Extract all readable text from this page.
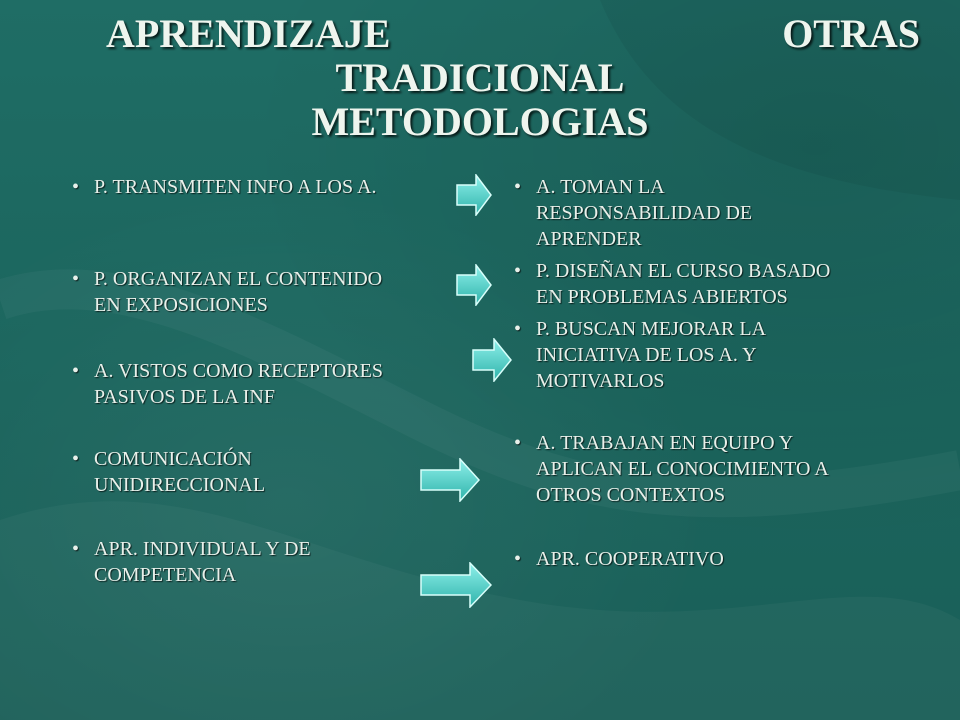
APRENDIZAJE	OTRAS
TRADICIONAL
METODOLOGIAS
• P. TRANSMITEN INFO A LOS A.
• P. ORGANIZAN EL CONTENIDO
EN EXPOSICIONES
• A. VISTOS COMO RECEPTORES
PASIVOS DE LA INF
• COMUNICACIÓN
UNIDIRECCIONAL
• APR. INDIVIDUAL Y DE
COMPETENCIA
• A. TOMAN LA
RESPONSABILIDAD DE
APRENDER
• P. DISEÑAN EL CURSO BASADO
EN PROBLEMAS ABIERTOS
• P. BUSCAN MEJORAR LA
INICIATIVA DE LOS A. Y
MOTIVARLOS
• A. TRABAJAN EN EQUIPO Y
APLICAN EL CONOCIMIENTO A
OTROS CONTEXTOS
• APR. COOPERATIVO
